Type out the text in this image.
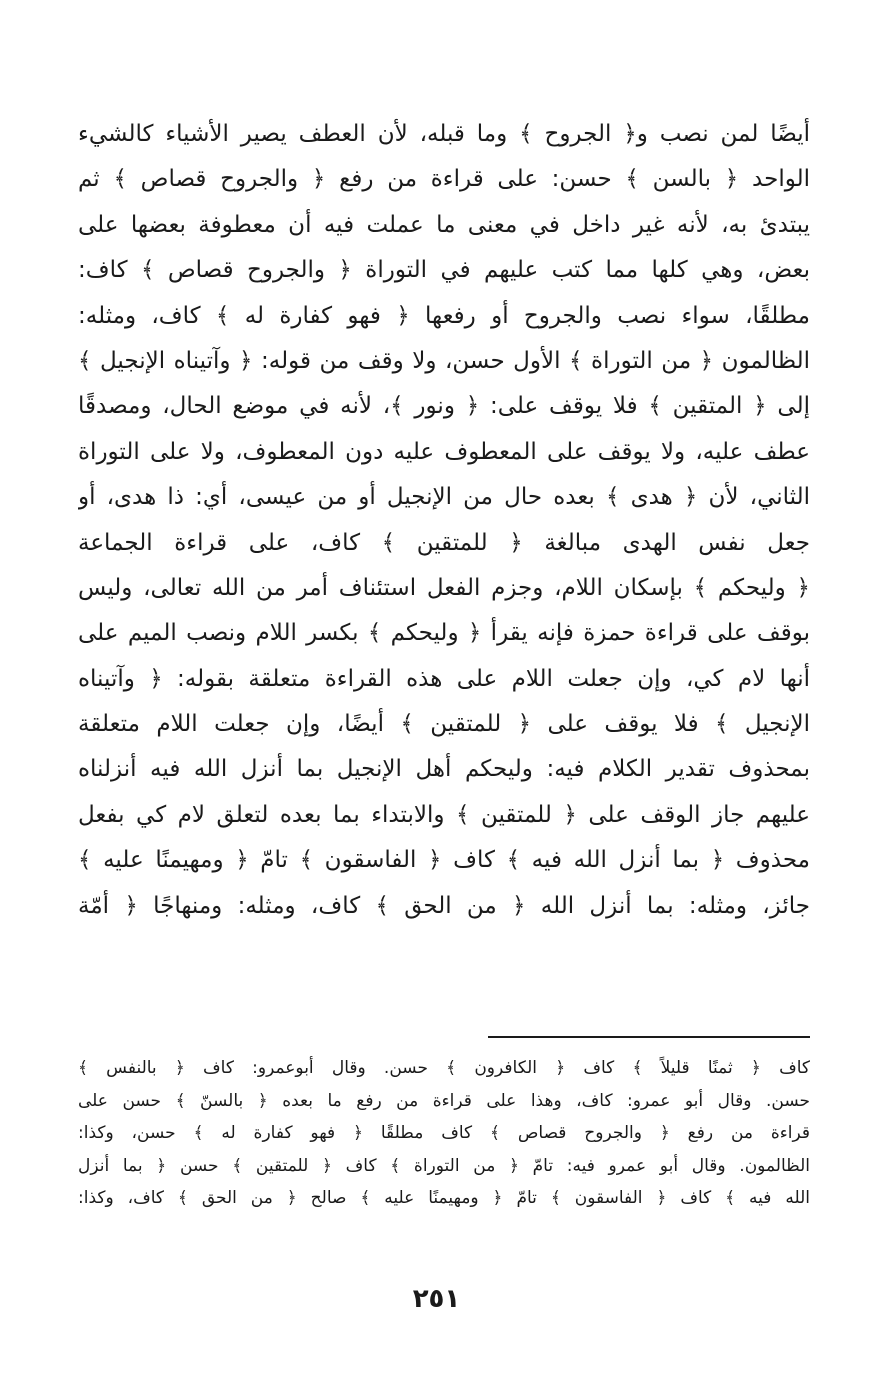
أيضًا لمن نصب و﴿ الجروح ﴾ وما قبله، لأن العطف يصير الأشياء كالشيء
الواحد ﴿ بالسن ﴾ حسن: على قراءة من رفع ﴿ والجروح قصاص ﴾ ثم
يبتدئ به، لأنه غير داخل في معنى ما عملت فيه أن معطوفة بعضها على
بعض، وهي كلها مما كتب عليهم في التوراة ﴿ والجروح قصاص ﴾ كاف:
مطلقًا، سواء نصب والجروح أو رفعها ﴿ فهو كفارة له ﴾ كاف، ومثله:
الظالمون ﴿ من التوراة ﴾ الأول حسن، ولا وقف من قوله: ﴿ وآتيناه الإنجيل ﴾
إلى ﴿ المتقين ﴾ فلا يوقف على: ﴿ ونور ﴾، لأنه في موضع الحال، ومصدقًا
عطف عليه، ولا يوقف على المعطوف عليه دون المعطوف، ولا على التوراة
الثاني، لأن ﴿ هدى ﴾ بعده حال من الإنجيل أو من عيسى، أي: ذا هدى، أو
جعل نفس الهدى مبالغة ﴿ للمتقين ﴾ كاف، على قراءة الجماعة
﴿ وليحكم ﴾ بإسكان اللام، وجزم الفعل استئناف أمر من الله تعالى، وليس
بوقف على قراءة حمزة فإنه يقرأ ﴿ وليحكم ﴾ بكسر اللام ونصب الميم على
أنها لام كي، وإن جعلت اللام على هذه القراءة متعلقة بقوله: ﴿ وآتيناه
الإنجيل ﴾ فلا يوقف على ﴿ للمتقين ﴾ أيضًا، وإن جعلت اللام متعلقة
بمحذوف تقدير الكلام فيه: وليحكم أهل الإنجيل بما أنزل الله فيه أنزلناه
عليهم جاز الوقف على ﴿ للمتقين ﴾ والابتداء بما بعده لتعلق لام كي بفعل
محذوف ﴿ بما أنزل الله فيه ﴾ كاف ﴿ الفاسقون ﴾ تامّ ﴿ ومهيمنًا عليه ﴾
جائز، ومثله: بما أنزل الله ﴿ من الحق ﴾ كاف، ومثله: ومنهاجًا ﴿ أمّة
كاف ﴿ ثمنًا قليلاً ﴾ كاف ﴿ الكافرون ﴾ حسن. وقال أبوعمرو: كاف ﴿ بالنفس ﴾
حسن. وقال أبو عمرو: كاف، وهذا على قراءة من رفع ما بعده ﴿ بالسنّ ﴾ حسن على
قراءة من رفع ﴿ والجروح قصاص ﴾ كاف مطلقًا ﴿ فهو كفارة له ﴾ حسن، وكذا:
الظالمون. وقال أبو عمرو فيه: تامّ ﴿ من التوراة ﴾ كاف ﴿ للمتقين ﴾ حسن ﴿ بما أنزل
الله فيه ﴾ كاف ﴿ الفاسقون ﴾ تامّ ﴿ ومهيمنًا عليه ﴾ صالح ﴿ من الحق ﴾ كاف، وكذا:
٢٥١
